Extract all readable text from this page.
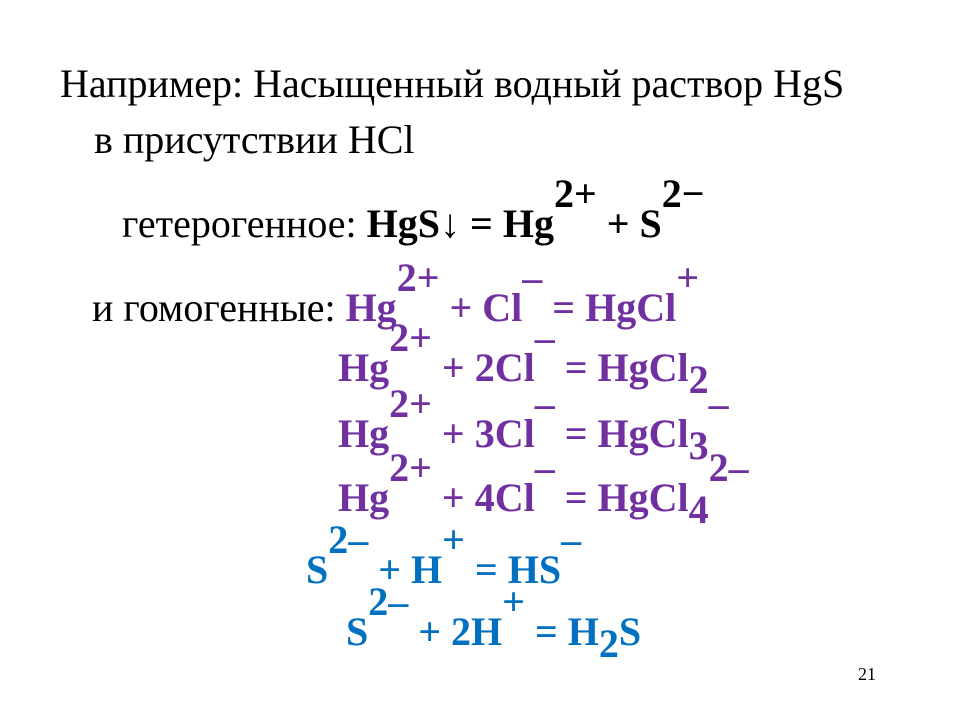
Например: Насыщенный водный раствор HgS
в присутствии HCl
гетерогенное: HgS↓ = $Hg^{2+} + S^{2-}$
и гомогенные: $Hg^{2+} + Cl^-$ = HgCl+
$Hg^{2+} + 2Cl^-$ = HgCl$_2$
$Hg^{2+} + 3Cl^-$ = HgCl$_3$–
$Hg^{2+} + 4Cl^-$ = HgCl$_4^{2-}$
$S^{2-} + H^+ = HS^-$
$S^{2-} + 2H^+ = H_2S$
21
